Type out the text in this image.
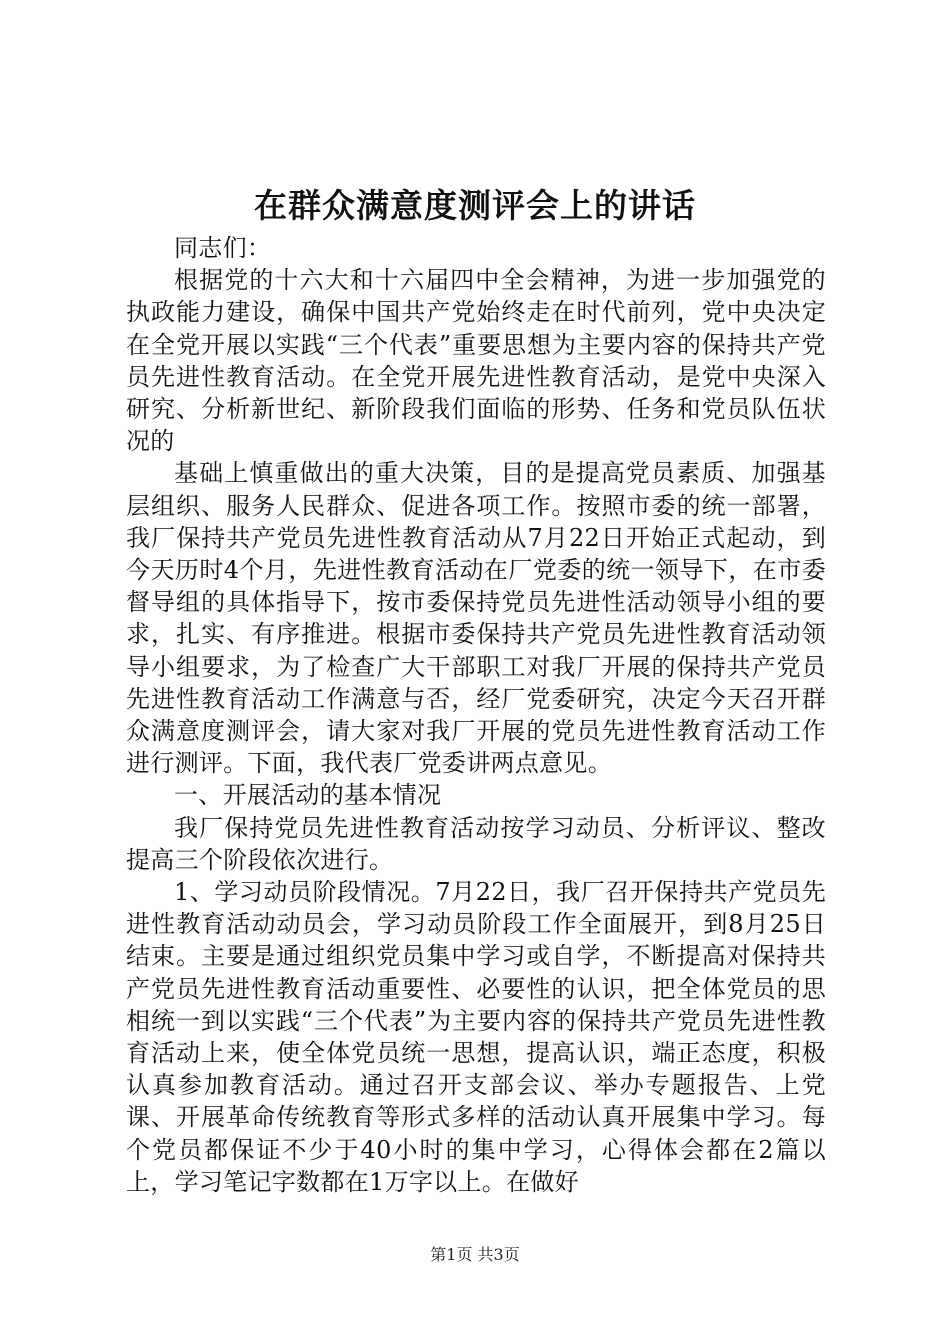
在群众满意度测评会上的讲话

同志们：

根据党的十六大和十六届四中全会精神，为进一步加强党的执政能力建设，确保中国共产党始终走在时代前列，党中央决定在全党开展以实践“三个代表”重要思想为主要内容的保持共产党员先进性教育活动。在全党开展先进性教育活动，是党中央深入研究、分析新世纪、新阶段我们面临的形势、任务和党员队伍状况的

基础上慎重做出的重大决策，目的是提高党员素质、加强基层组织、服务人民群众、促进各项工作。按照市委的统一部署，我厂保持共产党员先进性教育活动从7月22日开始正式起动，到今天历时4个月，先进性教育活动在厂党委的统一领导下，在市委督导组的具体指导下，按市委保持党员先进性活动领导小组的要求，扎实、有序推进。根据市委保持共产党员先进性教育活动领导小组要求，为了检查广大干部职工对我厂开展的保持共产党员先进性教育活动工作满意与否，经厂党委研究，决定今天召开群众满意度测评会，请大家对我厂开展的党员先进性教育活动工作进行测评。下面，我代表厂党委讲两点意见。

一、开展活动的基本情况

我厂保持党员先进性教育活动按学习动员、分析评议、整改提高三个阶段依次进行。

1、学习动员阶段情况。7月22日，我厂召开保持共产党员先进性教育活动动员会，学习动员阶段工作全面展开，到8月25日结束。主要是通过组织党员集中学习或自学，不断提高对保持共产党员先进性教育活动重要性、必要性的认识，把全体党员的思相统一到以实践“三个代表”为主要内容的保持共产党员先进性教育活动上来，使全体党员统一思想，提高认识，端正态度，积极认真参加教育活动。通过召开支部会议、举办专题报告、上党课、开展革命传统教育等形式多样的活动认真开展集中学习。每个党员都保证不少于40小时的集中学习，心得体会都在2篇以上，学习笔记字数都在1万字以上。在做好

第1页 共3页
